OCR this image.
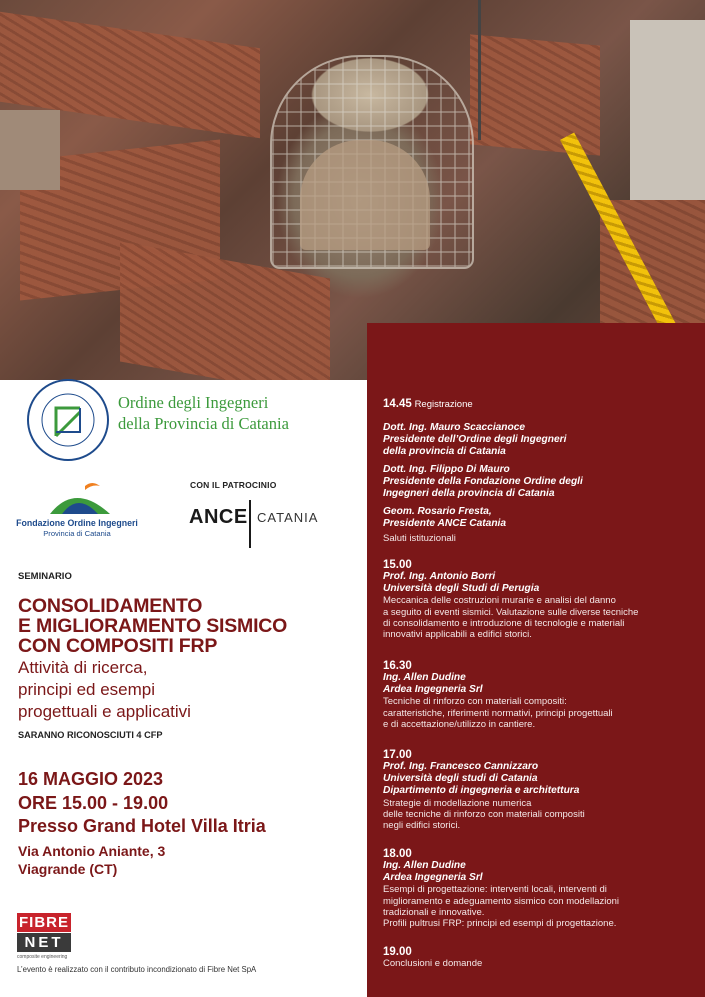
Ordine degli Ingegneri
della Provincia di Catania
Fondazione Ordine Ingegneri
Provincia di Catania
CON IL PATROCINIO
ANCE CATANIA
SEMINARIO
CONSOLIDAMENTO
E MIGLIORAMENTO SISMICO
CON COMPOSITI FRP
Attività di ricerca,
principi ed esempi
progettuali e applicativi
SARANNO RICONOSCIUTI 4 CFP
16 MAGGIO 2023
ORE 15.00 - 19.00
Presso Grand Hotel Villa Itria
Via Antonio Aniante, 3
Viagrande (CT)
FIBRE
NET
composite engineering
L’evento è realizzato con il contributo incondizionato di Fibre Net SpA
14.45 Registrazione
Dott. Ing. Mauro Scaccianoce
Presidente dell’Ordine degli Ingegneri
della provincia di Catania
Dott. Ing. Filippo Di Mauro
Presidente della Fondazione Ordine degli
Ingegneri della provincia di Catania
Geom. Rosario Fresta,
Presidente ANCE Catania
Saluti istituzionali
15.00
Prof. Ing. Antonio Borri
Università degli Studi di Perugia
Meccanica delle costruzioni murarie e analisi del danno
a seguito di eventi sismici. Valutazione sulle diverse tecniche
di consolidamento e introduzione di tecnologie e materiali
innovativi applicabili a edifici storici.
16.30
Ing. Allen Dudine
Ardea Ingegneria Srl
Tecniche di rinforzo con materiali compositi:
caratteristiche, riferimenti normativi, principi progettuali
e di accettazione/utilizzo in cantiere.
17.00
Prof. Ing. Francesco Cannizzaro
Università degli studi di Catania
Dipartimento di ingegneria e architettura
Strategie di modellazione numerica
delle tecniche di rinforzo con materiali compositi
negli edifici storici.
18.00
Ing. Allen Dudine
Ardea Ingegneria Srl
Esempi di progettazione: interventi locali, interventi di
miglioramento e adeguamento sismico con modellazioni
tradizionali e innovative.
Profili pultrusi FRP: principi ed esempi di progettazione.
19.00
Conclusioni e domande
